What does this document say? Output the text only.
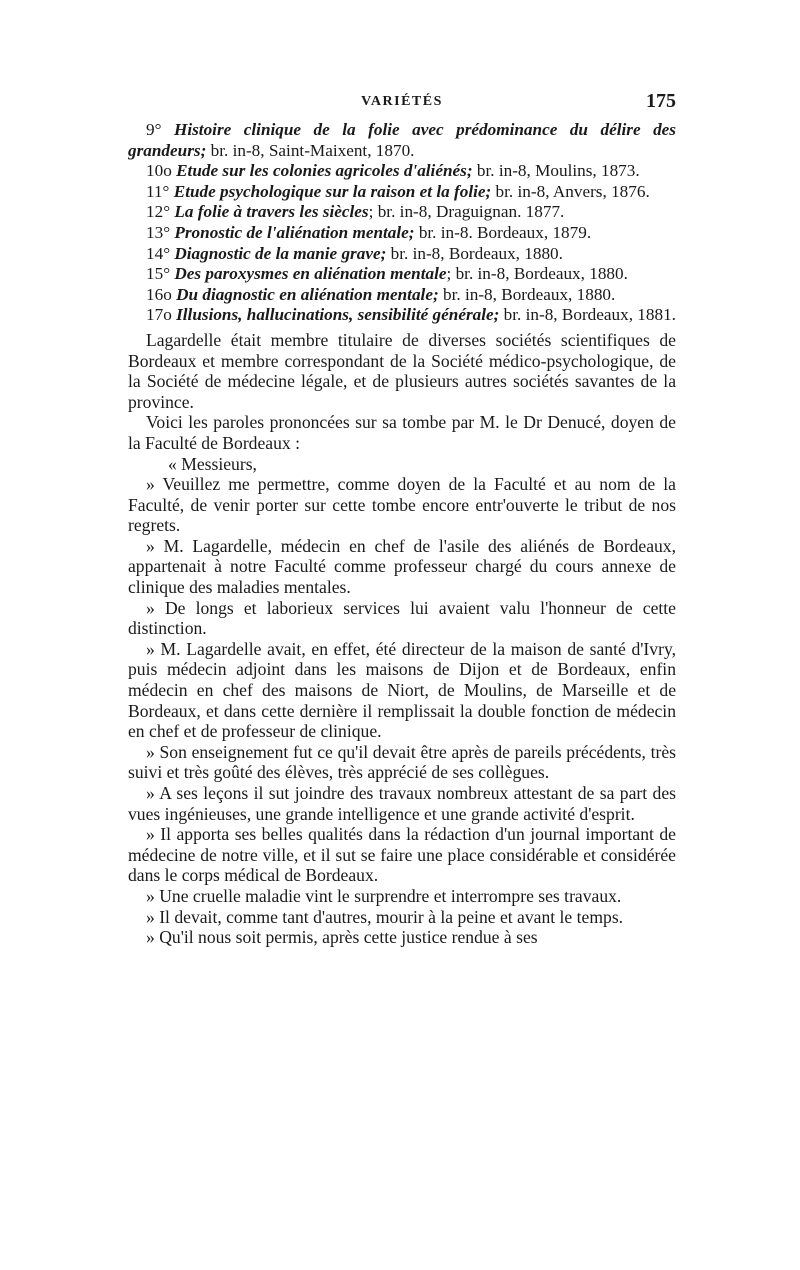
VARIÉTÉS	175

9° Histoire clinique de la folie avec prédominance du délire des grandeurs; br. in-8, Saint-Maixent, 1870.

10o Etude sur les colonies agricoles d'aliénés; br. in-8, Moulins, 1873.

11° Etude psychologique sur la raison et la folie; br. in-8, Anvers, 1876.

12° La folie à travers les siècles; br. in-8, Draguignan. 1877.

13° Pronostic de l'aliénation mentale; br. in-8. Bordeaux, 1879.

14° Diagnostic de la manie grave; br. in-8, Bordeaux, 1880.

15° Des paroxysmes en aliénation mentale; br. in-8, Bordeaux, 1880.

16o Du diagnostic en aliénation mentale; br. in-8, Bordeaux, 1880.

17o Illusions, hallucinations, sensibilité générale; br. in-8, Bordeaux, 1881.

Lagardelle était membre titulaire de diverses sociétés scientifiques de Bordeaux et membre correspondant de la Société médico-psychologique, de la Société de médecine légale, et de plusieurs autres sociétés savantes de la province.

Voici les paroles prononcées sur sa tombe par M. le Dr Denucé, doyen de la Faculté de Bordeaux :

« Messieurs,

» Veuillez me permettre, comme doyen de la Faculté et au nom de la Faculté, de venir porter sur cette tombe encore entr'ouverte le tribut de nos regrets.

» M. Lagardelle, médecin en chef de l'asile des aliénés de Bordeaux, appartenait à notre Faculté comme professeur chargé du cours annexe de clinique des maladies mentales.

» De longs et laborieux services lui avaient valu l'honneur de cette distinction.

» M. Lagardelle avait, en effet, été directeur de la maison de santé d'Ivry, puis médecin adjoint dans les maisons de Dijon et de Bordeaux, enfin médecin en chef des maisons de Niort, de Moulins, de Marseille et de Bordeaux, et dans cette dernière il remplissait la double fonction de médecin en chef et de professeur de clinique.

» Son enseignement fut ce qu'il devait être après de pareils précédents, très suivi et très goûté des élèves, très apprécié de ses collègues.

» A ses leçons il sut joindre des travaux nombreux attestant de sa part des vues ingénieuses, une grande intelligence et une grande activité d'esprit.

» Il apporta ses belles qualités dans la rédaction d'un journal important de médecine de notre ville, et il sut se faire une place considérable et considérée dans le corps médical de Bordeaux.

» Une cruelle maladie vint le surprendre et interrompre ses travaux.

» Il devait, comme tant d'autres, mourir à la peine et avant le temps.

» Qu'il nous soit permis, après cette justice rendue à ses
